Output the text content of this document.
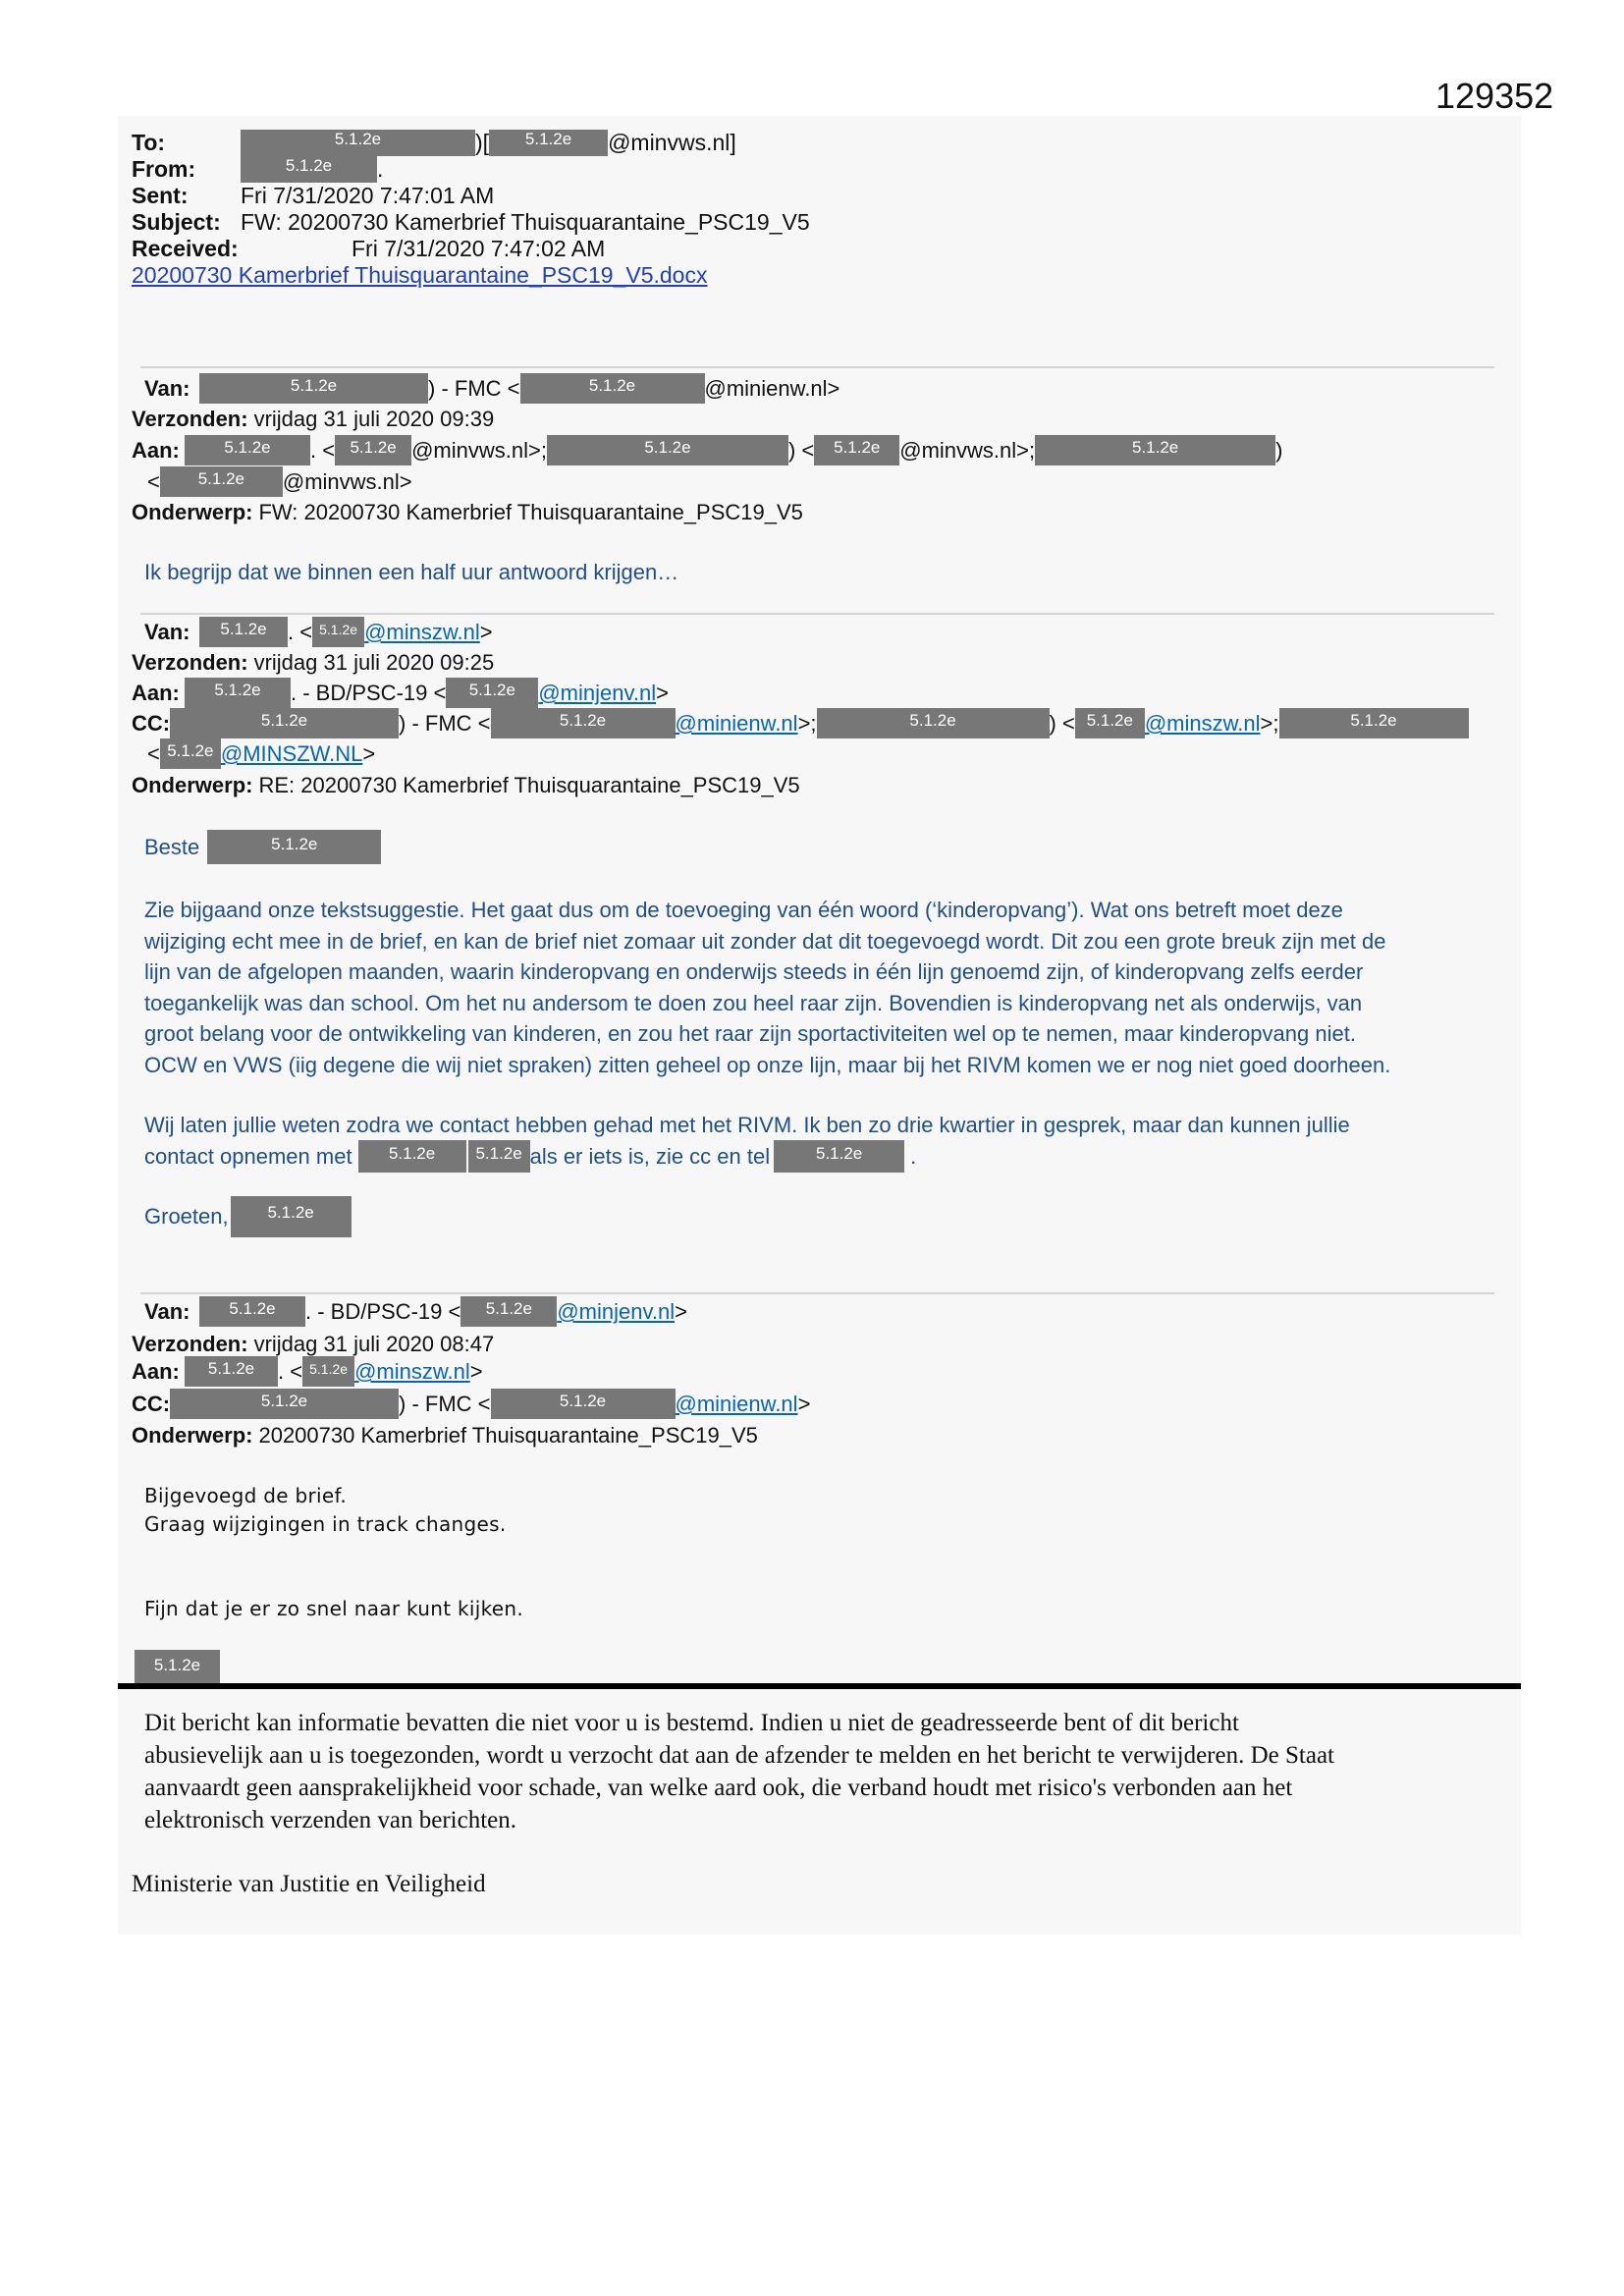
129352
To:	5.1.2e	)[ 5.1.2e @minvws.nl]
From:	5.1.2e .
Sent: Fri 7/31/2020 7:47:01 AM
Subject: FW: 20200730 Kamerbrief Thuisquarantaine_PSC19_V5
Received:	Fri 7/31/2020 7:47:02 AM
20200730 Kamerbrief Thuisquarantaine_PSC19_V5.docx
Van:	5.1.2e	) - FMC <	5.1.2e	@minienw.nl>
Verzonden: vrijdag 31 juli 2020 09:39
Aan:	5.1.2e . < 5.1.2e @minvws.nl>;	5.1.2e	) < 5.1.2e @minvws.nl>;	5.1.2e	)
< 5.1.2e @minvws.nl>
Onderwerp: FW: 20200730 Kamerbrief Thuisquarantaine_PSC19_V5
Ik begrijp dat we binnen een half uur antwoord krijgen…
Van: 5.1.2e . < 5.1.2e @minszw.nl>
Verzonden: vrijdag 31 juli 2020 09:25
Aan: 5.1.2e . - BD/PSC-19 < 5.1.2e @minjenv.nl>
CC:	5.1.2e	) - FMC <	5.1.2e	@minienw.nl>;	5.1.2e	) < 5.1.2e @minszw.nl>;	5.1.2e
< 5.1.2e @MINSZW.NL>
Onderwerp: RE: 20200730 Kamerbrief Thuisquarantaine_PSC19_V5
Beste	5.1.2e
Zie bijgaand onze tekstsuggestie. Het gaat dus om de toevoeging van één woord (‘kinderopvang’). Wat ons betreft moet deze
wijziging echt mee in de brief, en kan de brief niet zomaar uit zonder dat dit toegevoegd wordt. Dit zou een grote breuk zijn met de
lijn van de afgelopen maanden, waarin kinderopvang en onderwijs steeds in één lijn genoemd zijn, of kinderopvang zelfs eerder
toegankelijk was dan school. Om het nu andersom te doen zou heel raar zijn. Bovendien is kinderopvang net als onderwijs, van
groot belang voor de ontwikkeling van kinderen, en zou het raar zijn sportactiviteiten wel op te nemen, maar kinderopvang niet.
OCW en VWS (iig degene die wij niet spraken) zitten geheel op onze lijn, maar bij het RIVM komen we er nog niet goed doorheen.
Wij laten jullie weten zodra we contact hebben gehad met het RIVM. Ik ben zo drie kwartier in gesprek, maar dan kunnen jullie
contact opnemen met 5.1.2e 5.1.2e als er iets is, zie cc en tel	5.1.2e .
Groeten, 5.1.2e
Van: 5.1.2e . - BD/PSC-19 < 5.1.2e @minjenv.nl>
Verzonden: vrijdag 31 juli 2020 08:47
Aan: 5.1.2e . < 5.1.2e @minszw.nl>
CC:	5.1.2e	) - FMC <	5.1.2e	@minienw.nl>
Onderwerp: 20200730 Kamerbrief Thuisquarantaine_PSC19_V5
Bijgevoegd de brief.
Graag wijzigingen in track changes.
Fijn dat je er zo snel naar kunt kijken.
5.1.2e
Dit bericht kan informatie bevatten die niet voor u is bestemd. Indien u niet de geadresseerde bent of dit bericht
abusievelijk aan u is toegezonden, wordt u verzocht dat aan de afzender te melden en het bericht te verwijderen. De Staat
aanvaardt geen aansprakelijkheid voor schade, van welke aard ook, die verband houdt met risico's verbonden aan het
elektronisch verzenden van berichten.
Ministerie van Justitie en Veiligheid
